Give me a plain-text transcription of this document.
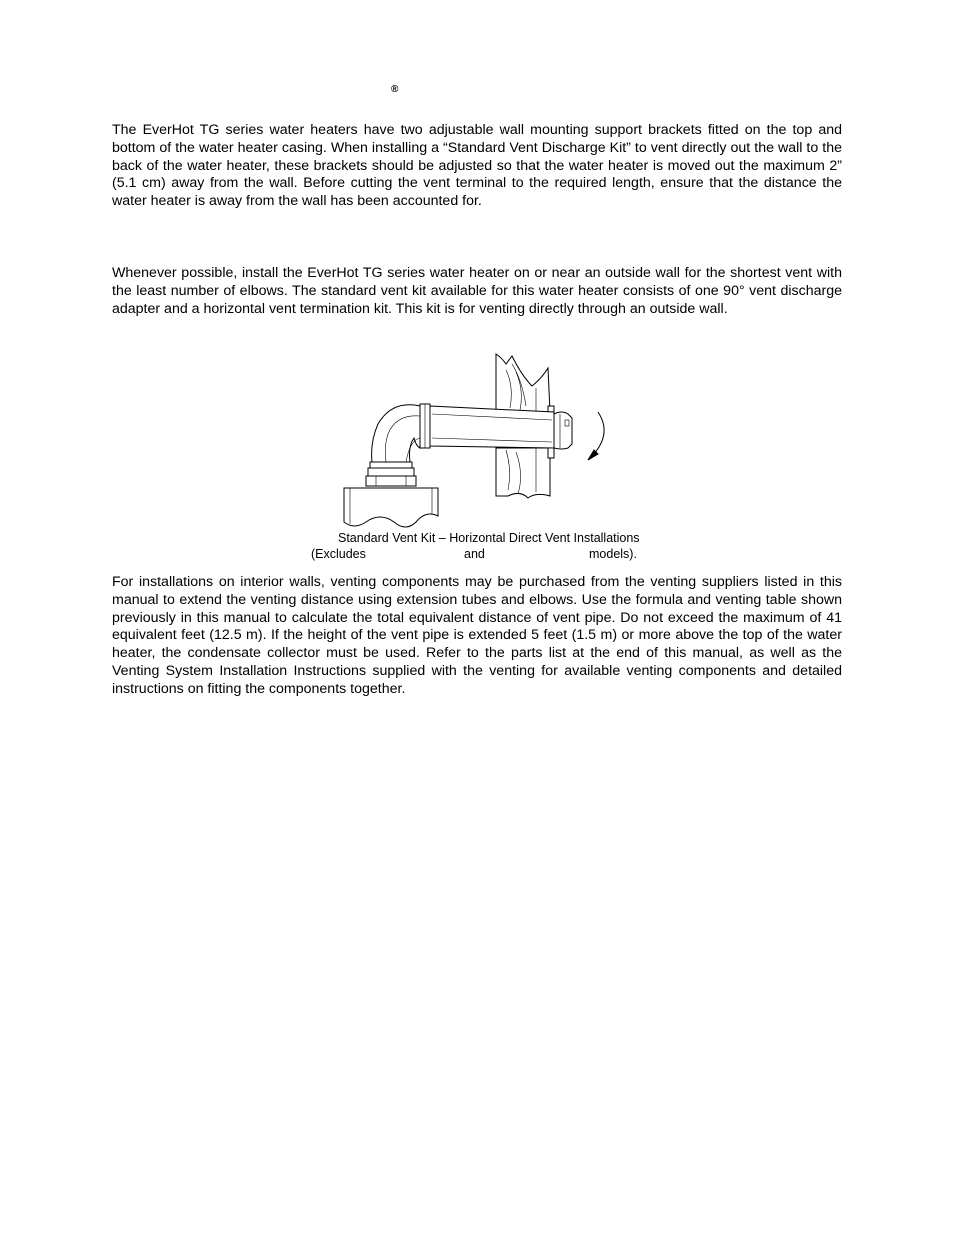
®

The EverHot TG series water heaters have two adjustable wall mounting support brackets fitted on the top and bottom of the water heater casing. When installing a “Standard Vent Discharge Kit” to vent directly out the wall to the back of the water heater, these brackets should be adjusted so that the water heater is moved out the maximum 2” (5.1 cm) away from the wall. Before cutting the vent terminal to the required length, ensure that the distance the water heater is away from the wall has been accounted for.

Whenever possible, install the EverHot TG series water heater on or near an outside wall for the shortest vent with the least number of elbows. The standard vent kit available for this water heater consists of one 90° vent discharge adapter and a horizontal vent termination kit. This kit is for venting directly through an outside wall.

Standard Vent Kit – Horizontal Direct Vent Installations
(Excludes	and	models).

For installations on interior walls, venting components may be purchased from the venting suppliers listed in this manual to extend the venting distance using extension tubes and elbows. Use the formula and venting table shown previously in this manual to calculate the total equivalent distance of vent pipe. Do not exceed the maximum of 41 equivalent feet (12.5 m). If the height of the vent pipe is extended 5 feet (1.5 m) or more above the top of the water heater, the condensate collector must be used. Refer to the parts list at the end of this manual, as well as the Venting System Installation Instructions supplied with the venting for available venting components and detailed instructions on fitting the components together.
